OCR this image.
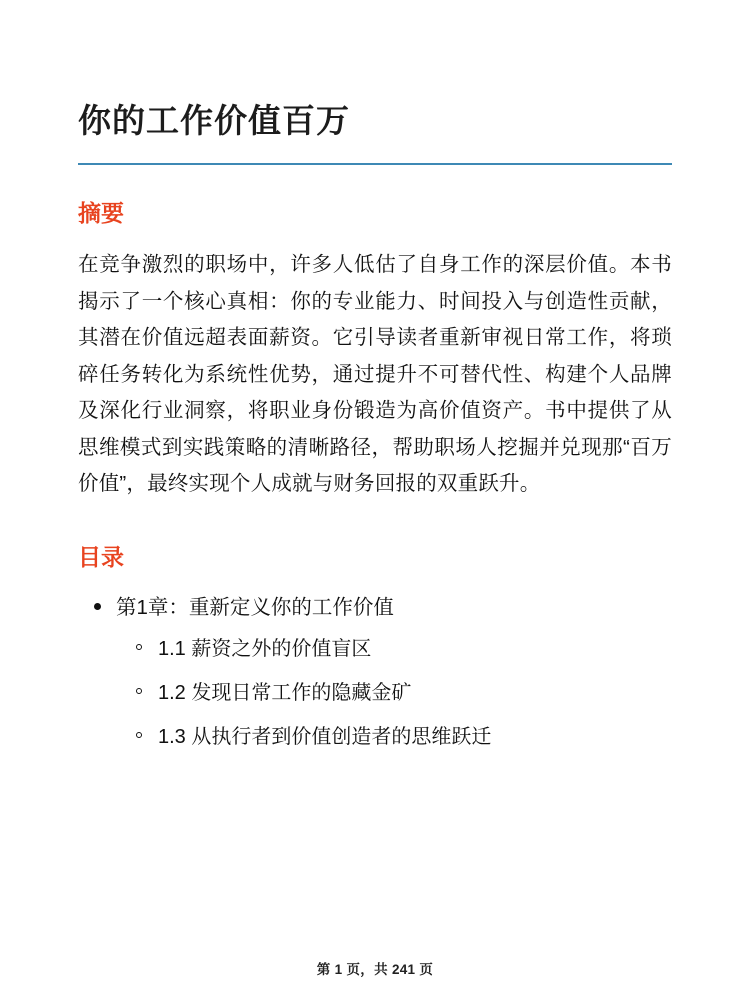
你的工作价值百万
摘要

在竞争激烈的职场中，许多人低估了自身工作的深层价值。本书揭示了一个核心真相：你的专业能力、时间投入与创造性贡献，其潜在价值远超表面薪资。它引导读者重新审视日常工作，将琐碎任务转化为系统性优势，通过提升不可替代性、构建个人品牌及深化行业洞察，将职业身份锻造为高价值资产。书中提供了从思维模式到实践策略的清晰路径，帮助职场人挖掘并兑现那“百万价值”，最终实现个人成就与财务回报的双重跃升。

目录
第1章：重新定义你的工作价值
1.1 薪资之外的价值盲区
1.2 发现日常工作的隐藏金矿
1.3 从执行者到价值创造者的思维跃迁
第 1 页，共 241 页
